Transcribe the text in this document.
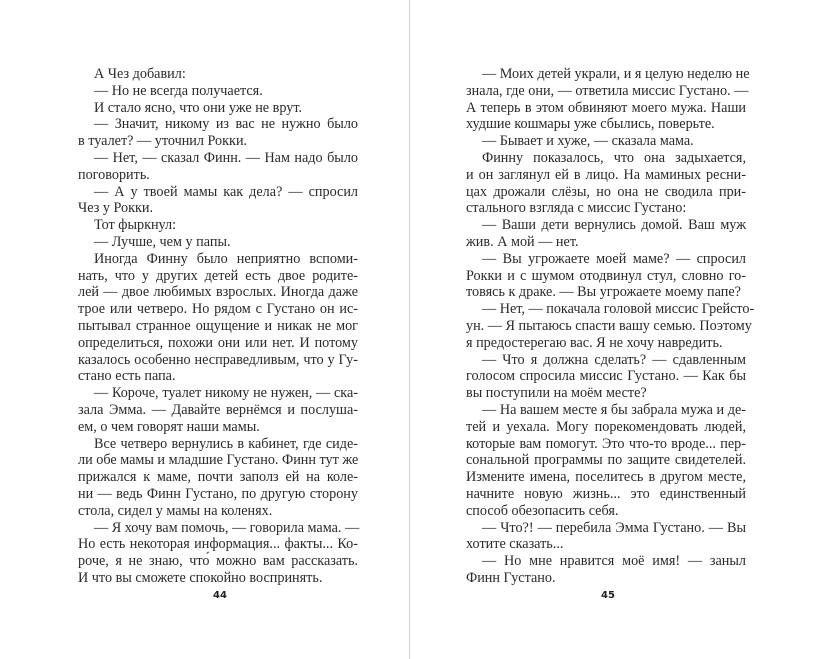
А Чез добавил:
— Но не всегда получается.
И стало ясно, что они уже не врут.
— Значит, никому из вас не нужно было
в туалет? — уточнил Рокки.
— Нет, — сказал Финн. — Нам надо было
поговорить.
— А у твоей мамы как дела? — спросил
Чез у Рокки.
Тот фыркнул:
— Лучше, чем у папы.
Иногда Финну было неприятно вспоми-
нать, что у других детей есть двое родите-
лей — двое любимых взрослых. Иногда даже
трое или четверо. Но рядом с Густано он ис-
пытывал странное ощущение и никак не мог
определиться, похожи они или нет. И потому
казалось особенно несправедливым, что у Гу-
стано есть папа.
— Короче, туалет никому не нужен, — ска-
зала Эмма. — Давайте вернёмся и послуша-
ем, о чем говорят наши мамы.
Все четверо вернулись в кабинет, где сиде-
ли обе мамы и младшие Густано. Финн тут же
прижался к маме, почти заполз ей на коле-
ни — ведь Финн Густано, по другую сторону
стола, сидел у мамы на коленях.
— Я хочу вам помочь, — говорила мама. —
Но есть некоторая информация... факты... Ко-
роче, я не знаю, что́ можно вам рассказать.
И что вы сможете спокойно воспринять.
44
— Моих детей украли, и я целую неделю не
знала, где они, — ответила миссис Густано. —
А теперь в этом обвиняют моего мужа. Наши
худшие кошмары уже сбылись, поверьте.
— Бывает и хуже, — сказала мама.
Финну показалось, что она задыхается,
и он заглянул ей в лицо. На маминых ресни-
цах дрожали слёзы, но она не сводила при-
стального взгляда с миссис Густано:
— Ваши дети вернулись домой. Ваш муж
жив. А мой — нет.
— Вы угрожаете моей маме? — спросил
Рокки и с шумом отодвинул стул, словно го-
товясь к драке. — Вы угрожаете моему папе?
— Нет, — покачала головой миссис Грейсто-
ун. — Я пытаюсь спасти вашу семью. Поэтому
я предостерегаю вас. Я не хочу навредить.
— Что я должна сделать? — сдавленным
голосом спросила миссис Густано. — Как бы
вы поступили на моём месте?
— На вашем месте я бы забрала мужа и де-
тей и уехала. Могу порекомендовать людей,
которые вам помогут. Это что-то вроде... пер-
сональной программы по защите свидетелей.
Измените имена, поселитесь в другом месте,
начните новую жизнь... это единственный
способ обезопасить себя.
— Что?! — перебила Эмма Густано. — Вы
хотите сказать...
— Но мне нравится моё имя! — заныл
Финн Густано.
45
